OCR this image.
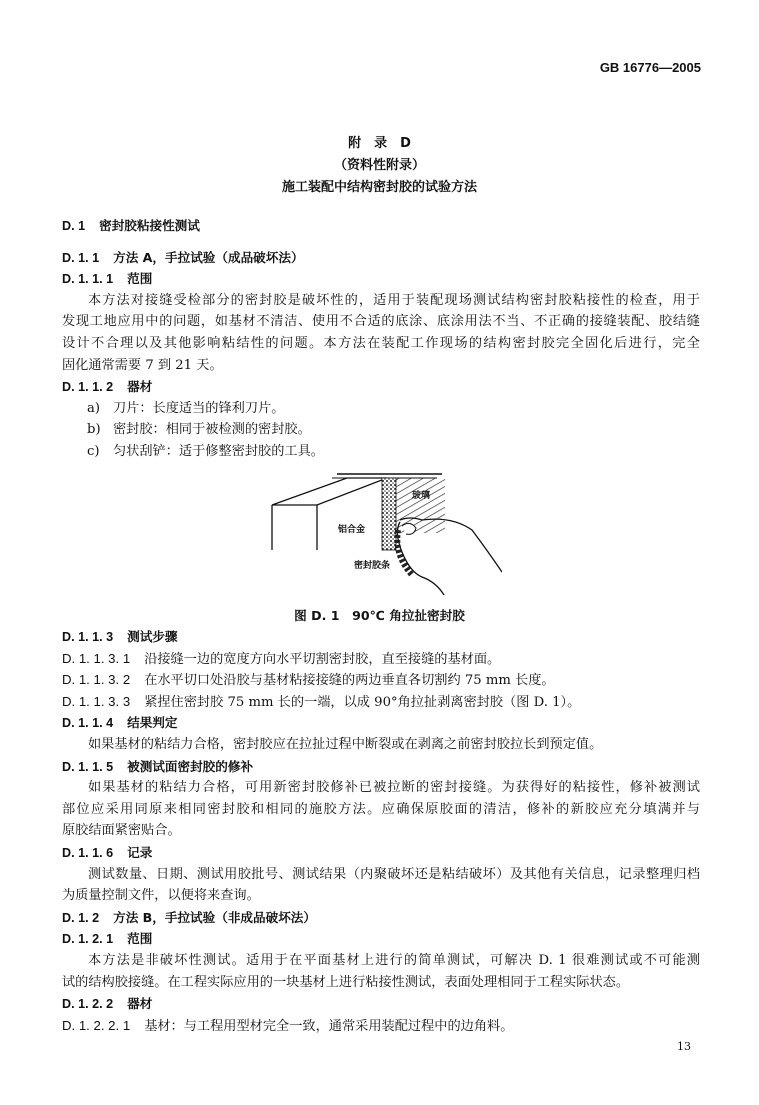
GB 16776—2005
附　录　D
（资料性附录）
施工装配中结构密封胶的试验方法
D. 1 密封胶粘接性测试
D. 1. 1 方法 A，手拉试验（成品破坏法）
D. 1. 1. 1 范围
本方法对接缝受检部分的密封胶是破坏性的，适用于装配现场测试结构密封胶粘接性的检查，用于
发现工地应用中的问题，如基材不清洁、使用不合适的底涂、底涂用法不当、不正确的接缝装配、胶结缝
设计不合理以及其他影响粘结性的问题。本方法在装配工作现场的结构密封胶完全固化后进行，完全
固化通常需要 7 到 21 天。
D. 1. 1. 2 器材
a) 刀片：长度适当的锋利刀片。
b) 密封胶：相同于被检测的密封胶。
c) 匀状刮铲：适于修整密封胶的工具。
玻璃
铝合金
密封胶条
图 D. 1　90℃ 角拉扯密封胶
D. 1. 1. 3 测试步骤
D. 1. 1. 3. 1 沿接缝一边的宽度方向水平切割密封胶，直至接缝的基材面。
D. 1. 1. 3. 2 在水平切口处沿胶与基材粘接接缝的两边垂直各切割约 75 mm 长度。
D. 1. 1. 3. 3 紧捏住密封胶 75 mm 长的一端，以成 90°角拉扯剥离密封胶（图 D. 1）。
D. 1. 1. 4 结果判定
如果基材的粘结力合格，密封胶应在拉扯过程中断裂或在剥离之前密封胶拉长到预定值。
D. 1. 1. 5 被测试面密封胶的修补
如果基材的粘结力合格，可用新密封胶修补已被拉断的密封接缝。为获得好的粘接性，修补被测试
部位应采用同原来相同密封胶和相同的施胶方法。应确保原胶面的清洁，修补的新胶应充分填满并与
原胶结面紧密贴合。
D. 1. 1. 6 记录
测试数量、日期、测试用胶批号、测试结果（内聚破坏还是粘结破坏）及其他有关信息，记录整理归档
为质量控制文件，以便将来查询。
D. 1. 2 方法 B，手拉试验（非成品破坏法）
D. 1. 2. 1 范围
本方法是非破坏性测试。适用于在平面基材上进行的简单测试，可解决 D. 1 很难测试或不可能测
试的结构胶接缝。在工程实际应用的一块基材上进行粘接性测试，表面处理相同于工程实际状态。
D. 1. 2. 2 器材
D. 1. 2. 2. 1 基材：与工程用型材完全一致，通常采用装配过程中的边角料。
13
